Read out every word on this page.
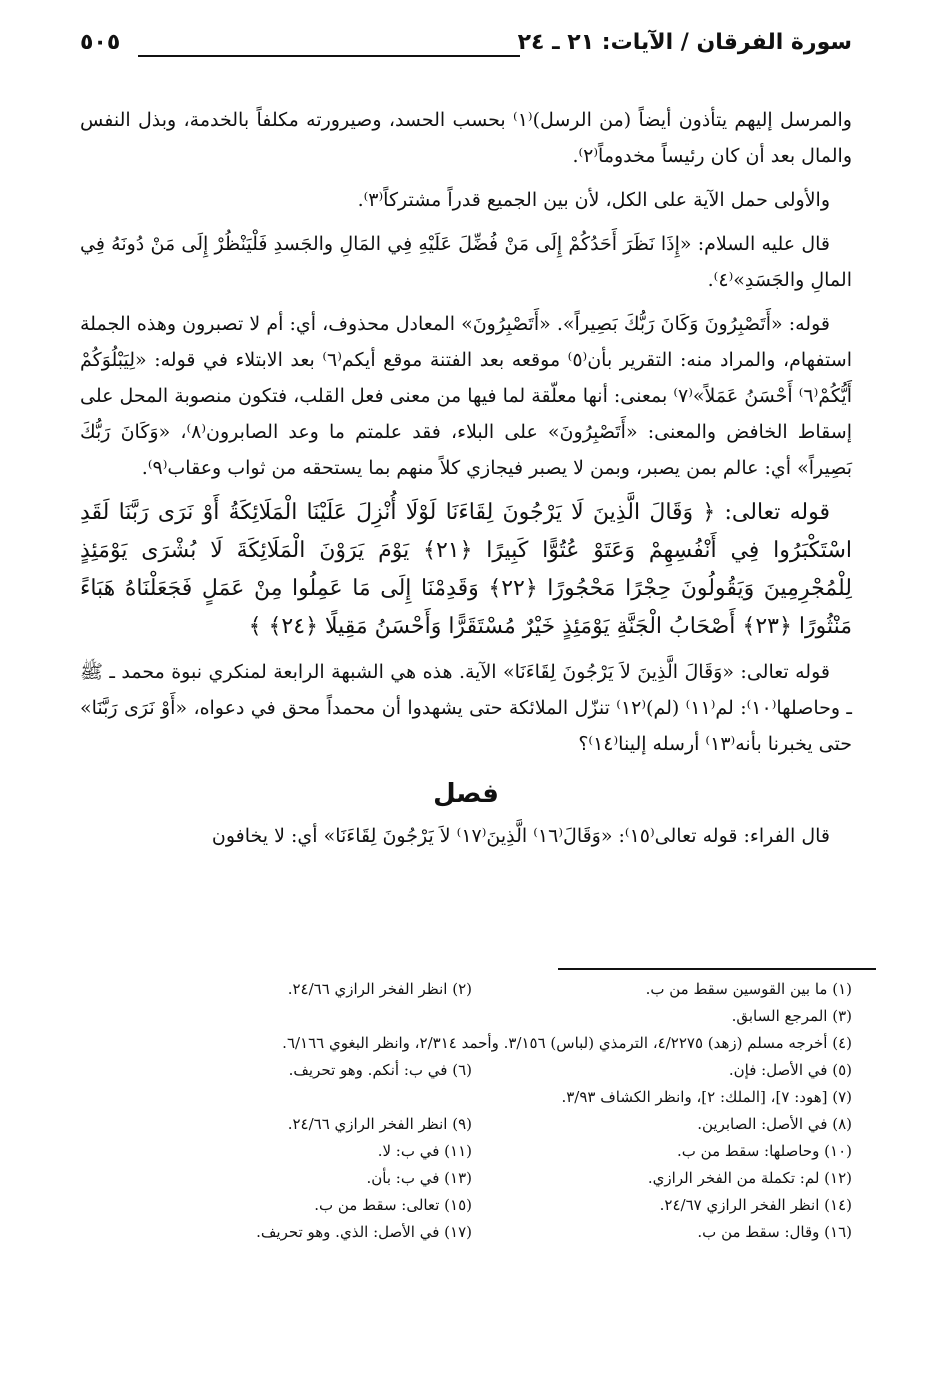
سورة الفرقان / الآيات: ٢١ ـ ٢٤
٥٠٥

والمرسل إليهم يتأذون أيضاً (من الرسل)⁽١⁾ بحسب الحسد، وصيرورته مكلفاً بالخدمة، وبذل النفس والمال بعد أن كان رئيساً مخدوماً⁽٢⁾.

والأولى حمل الآية على الكل، لأن بين الجميع قدراً مشتركاً⁽٣⁾.

قال عليه السلام: «إِذَا نَظَرَ أَحَدُكُمْ إِلَى مَنْ فُضِّلَ عَلَيْهِ فِي المَالِ والجَسدِ فَلْيَنْظُرْ إِلَى مَنْ دُونَهُ فِي المالِ والجَسَدِ»⁽٤⁾.

قوله: «أَتَصْبِرُونَ وَكَانَ رَبُّكَ بَصِيراً». «أَتَصْبِرُونَ» المعادل محذوف، أي: أم لا تصبرون وهذه الجملة استفهام، والمراد منه: التقرير بأن⁽٥⁾ موقعه بعد الفتنة موقع أيكم⁽٦⁾ بعد الابتلاء في قوله: «لِيَبْلُوَكُمْ أَيُّكُمْ⁽٦⁾ أَحْسَنُ عَمَلاً»⁽٧⁾ بمعنى: أنها معلّقة لما فيها من معنى فعل القلب، فتكون منصوبة المحل على إسقاط الخافض والمعنى: «أَتَصْبِرُونَ» على البلاء، فقد علمتم ما وعد الصابرون⁽٨⁾، «وَكَانَ رَبُّكَ بَصِيراً» أي: عالم بمن يصبر، وبمن لا يصبر فيجازي كلاً منهم بما يستحقه من ثواب وعقاب⁽٩⁾.

قوله تعالى: ﴿ وَقَالَ الَّذِينَ لَا يَرْجُونَ لِقَاءَنَا لَوْلَا أُنْزِلَ عَلَيْنَا الْمَلَائِكَةُ أَوْ نَرَى رَبَّنَا لَقَدِ اسْتَكْبَرُوا فِي أَنْفُسِهِمْ وَعَتَوْ عُتُوًّا كَبِيرًا ﴿٢١﴾ يَوْمَ يَرَوْنَ الْمَلَائِكَةَ لَا بُشْرَى يَوْمَئِذٍ لِلْمُجْرِمِينَ وَيَقُولُونَ حِجْرًا مَحْجُورًا ﴿٢٢﴾ وَقَدِمْنَا إِلَى مَا عَمِلُوا مِنْ عَمَلٍ فَجَعَلْنَاهُ هَبَاءً مَنْثُورًا ﴿٢٣﴾ أَصْحَابُ الْجَنَّةِ يَوْمَئِذٍ خَيْرٌ مُسْتَقَرًّا وَأَحْسَنُ مَقِيلًا ﴿٢٤﴾ ﴾

قوله تعالى: «وَقَالَ الَّذِينَ لاَ يَرْجُونَ لِقَاءَنَا» الآية. هذه هي الشبهة الرابعة لمنكري نبوة محمد ـ ﷺ ـ وحاصلها⁽١٠⁾: لم⁽١١⁾ (لم)⁽١٢⁾ تنزّل الملائكة حتى يشهدوا أن محمداً محق في دعواه، «أَوْ نَرَى رَبَّنَا» حتى يخبرنا بأنه⁽١٣⁾ أرسله إلينا⁽١٤⁾؟

فصل

قال الفراء: قوله تعالى⁽١٥⁾: «وَقَالَ⁽١٦⁾ الَّذِينَ⁽١٧⁾ لاَ يَرْجُونَ لِقَاءَنَا» أي: لا يخافون

(١) ما بين القوسين سقط من ب.
(٢) انظر الفخر الرازي ٢٤/٦٦.
(٣) المرجع السابق.
(٤) أخرجه مسلم (زهد) ٤/٢٢٧٥، الترمذي (لباس) ٣/١٥٦. وأحمد ٢/٣١٤، وانظر البغوي ٦/١٦٦.
(٥) في الأصل: فإن.
(٦) في ب: أنكم. وهو تحريف.
(٧) [هود: ٧]، [الملك: ٢]، وانظر الكشاف ٣/٩٣.
(٨) في الأصل: الصابرين.
(٩) انظر الفخر الرازي ٢٤/٦٦.
(١٠) وحاصلها: سقط من ب.
(١١) في ب: لا.
(١٢) لم: تكملة من الفخر الرازي.
(١٣) في ب: بأن.
(١٤) انظر الفخر الرازي ٢٤/٦٧.
(١٥) تعالى: سقط من ب.
(١٦) وقال: سقط من ب.
(١٧) في الأصل: الذي. وهو تحريف.
